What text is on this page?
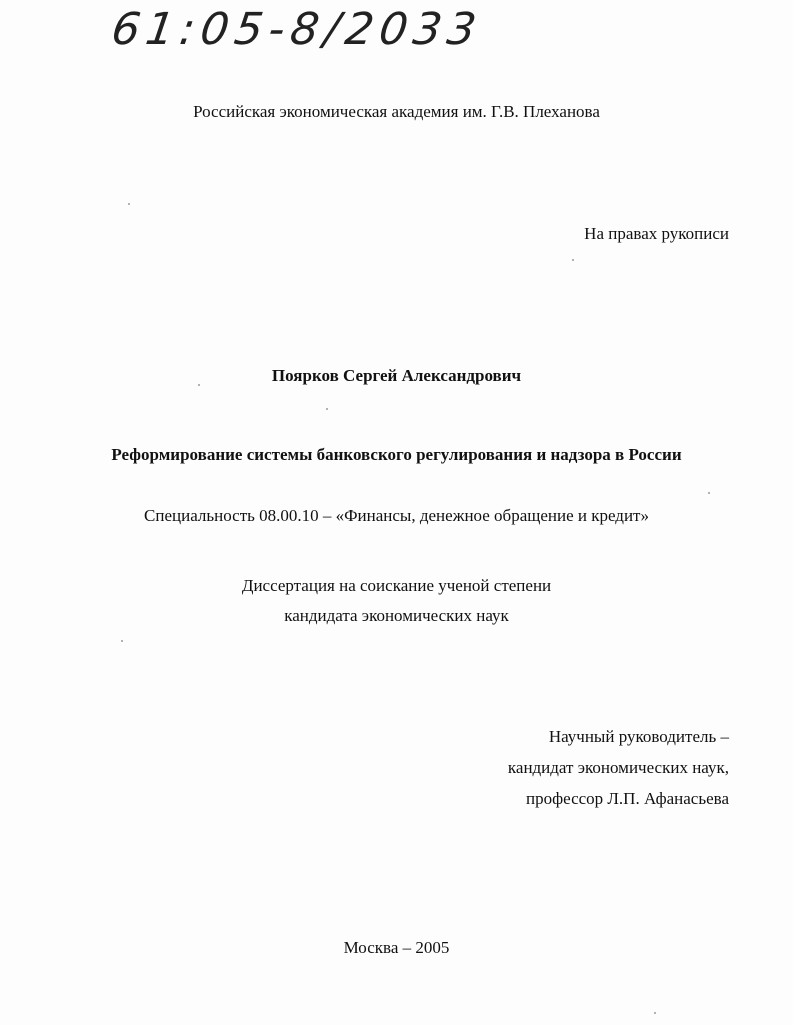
61:05-8/2033
Российская экономическая академия им. Г.В. Плеханова
На правах рукописи
Поярков Сергей Александрович
Реформирование системы банковского регулирования и надзора в России
Специальность 08.00.10 – «Финансы, денежное обращение и кредит»
Диссертация на соискание ученой степени
кандидата экономических наук
Научный руководитель –
кандидат экономических наук,
профессор Л.П. Афанасьева
Москва – 2005
